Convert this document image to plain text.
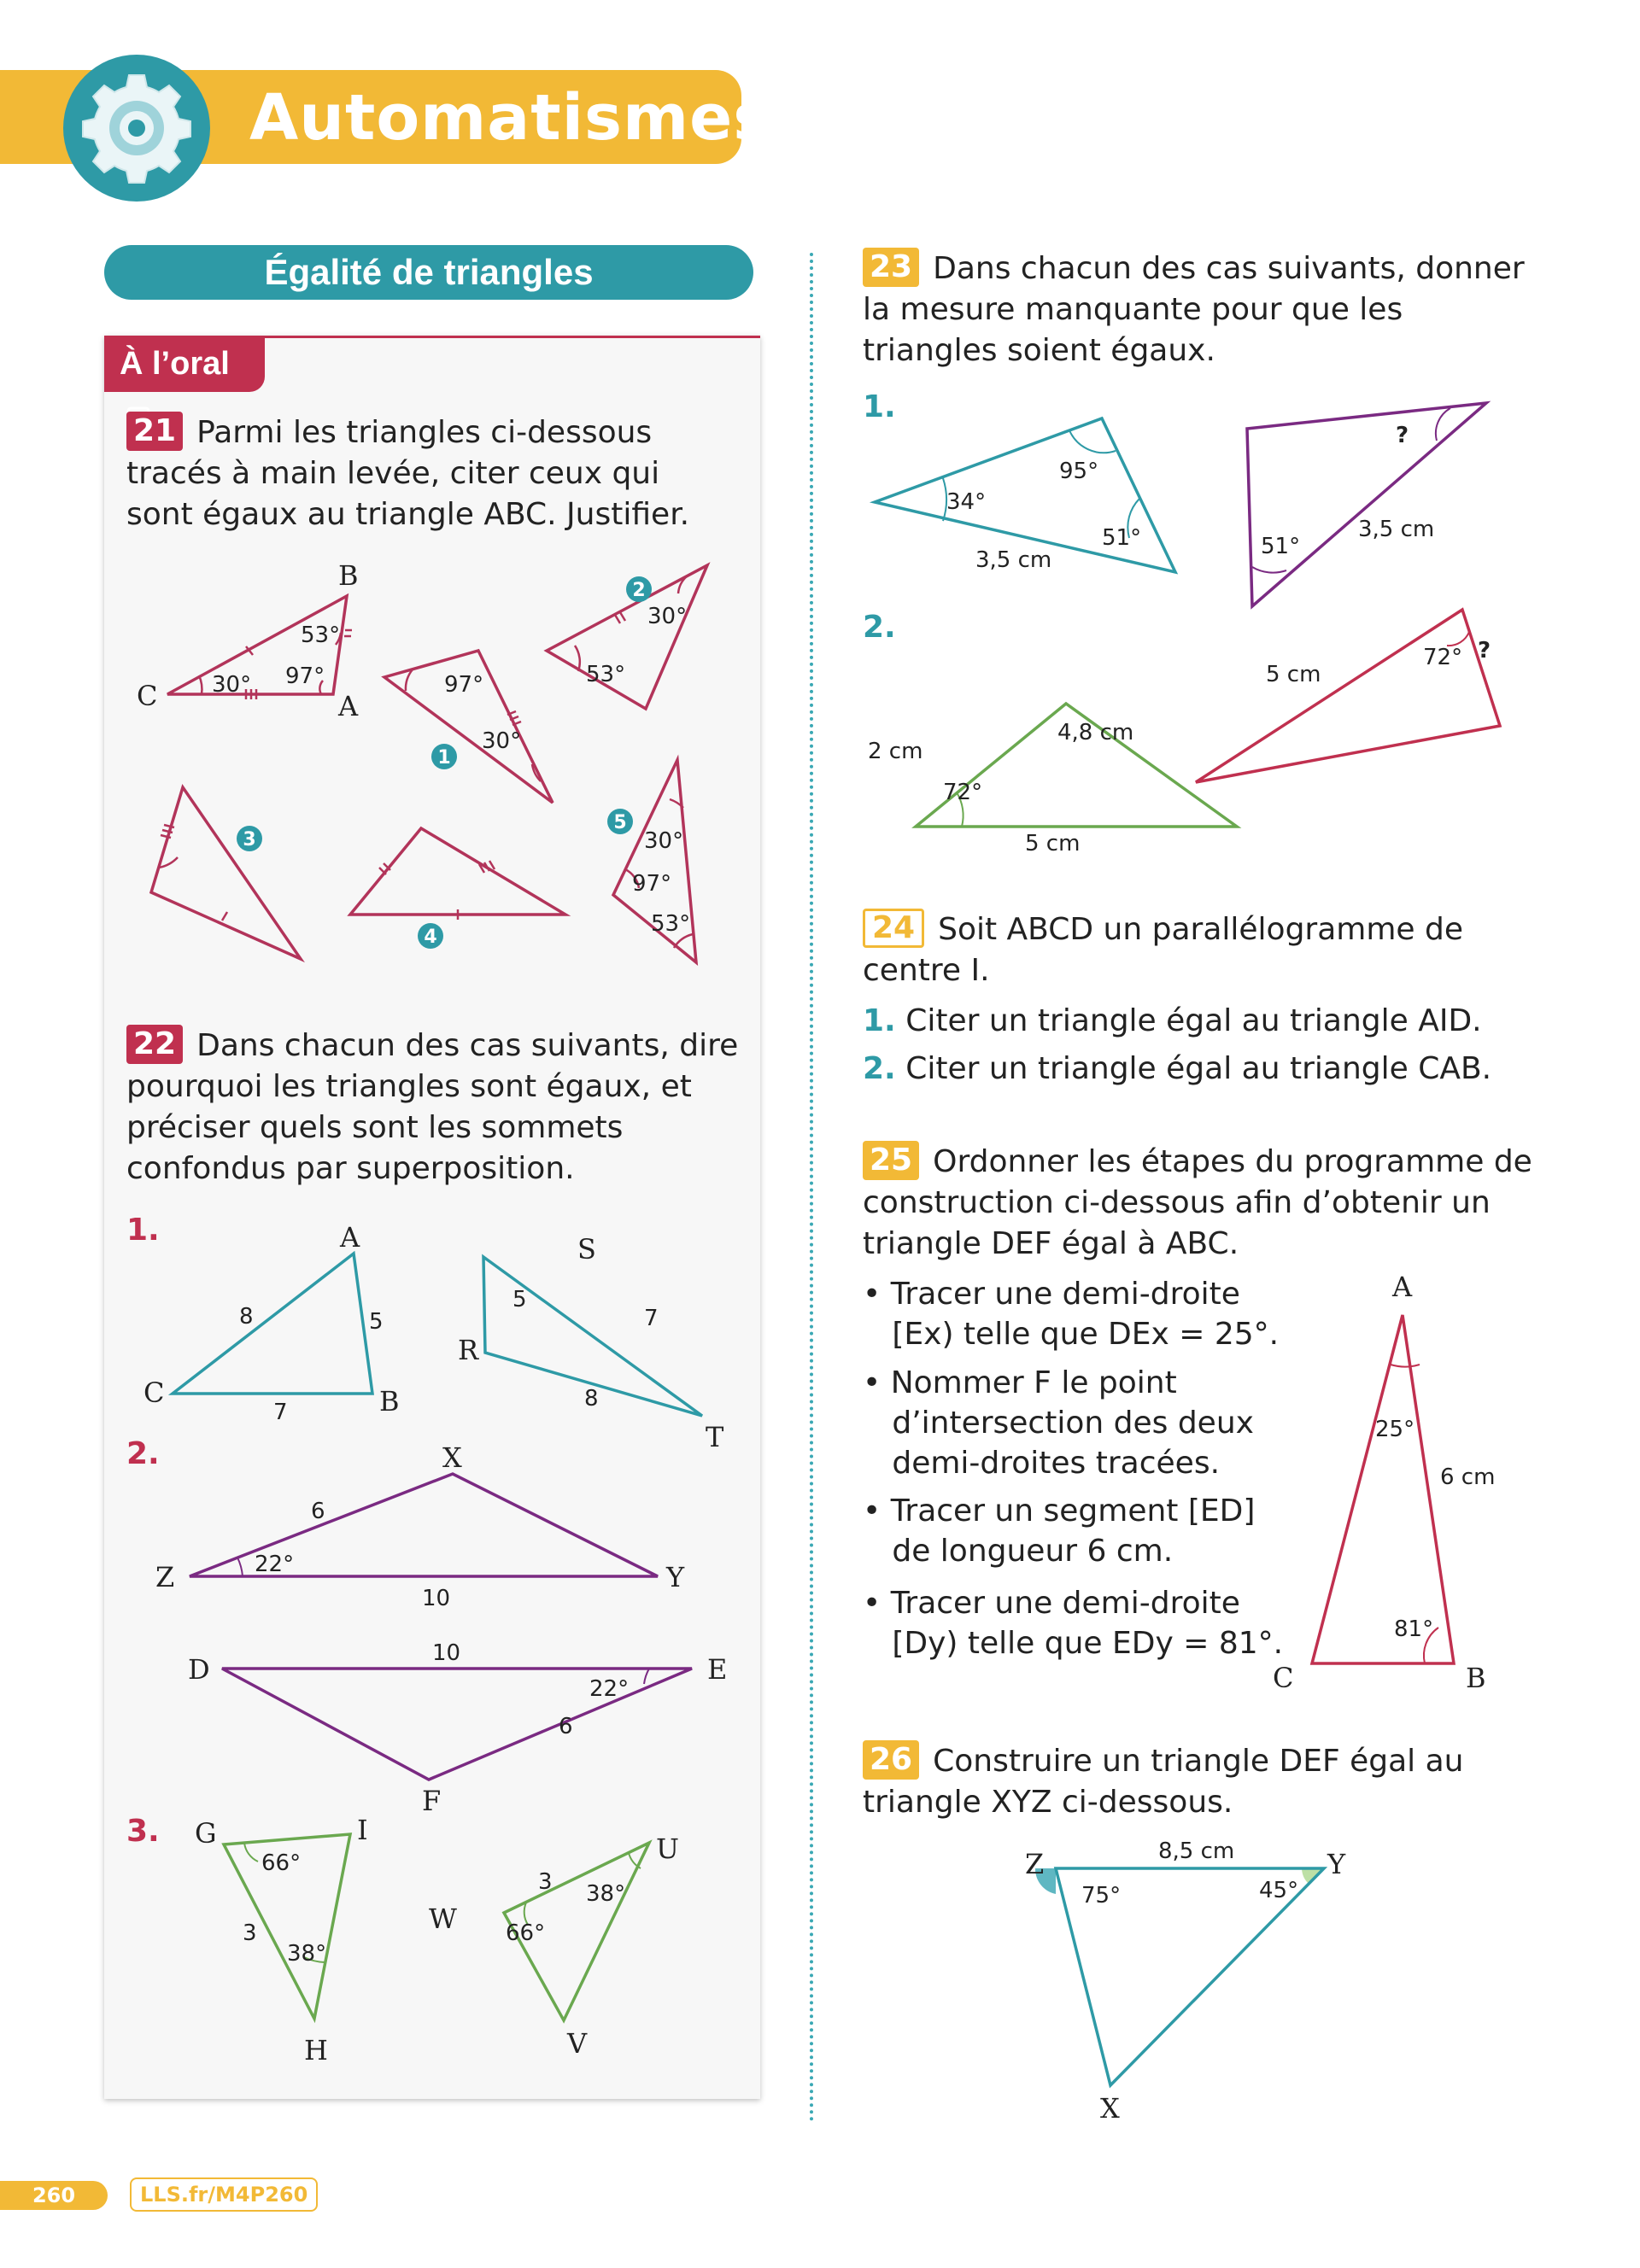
Automatismes
Égalité de triangles
À l’oral
21 Parmi les triangles ci-dessous tracés à main levée, citer ceux qui sont égaux au triangle ABC. Justifier.
B
C	A
53°
30° 97°	97°
30°
30°
53°
30°
97°
53°
1
2
3
4
5
22 Dans chacun des cas suivants, dire pourquoi les triangles sont égaux, et préciser quels sont les sommets confondus par superposition.
1.
2.
3.
A
B
C
8	5
7
S
R
T
5
7
8
X
Y
Z
6
10
22°
D	E
F
10
6
22°
G	I
H
66°
3
38°
W
U
V
66°
3 38°
23 Dans chacun des cas suivants, donner la mesure manquante pour que les triangles soient égaux.
1.
2.
34°
95°
51°
3,5 cm
?
51°
3,5 cm
2 cm
4,8 cm
5 cm
72°
5 cm
72° ?
24 Soit ABCD un parallélogramme de centre I.
1. Citer un triangle égal au triangle AID.
2. Citer un triangle égal au triangle CAB.
25 Ordonner les étapes du programme de construction ci-dessous afin d’obtenir un triangle DEF égal à ABC.
• Tracer une demi-droite
[Ex) telle que DEx = 25°.
• Nommer F le point
d’intersection des deux
demi-droites tracées.
• Tracer un segment [ED]
de longueur 6 cm.
• Tracer une demi-droite
[Dy) telle que EDy = 81°.
A
C	B
25°
81°
6 cm
26 Construire un triangle DEF égal au triangle XYZ ci-dessous.
Z	Y
X
8,5 cm
75°	45°
260	LLS.fr/M4P260
